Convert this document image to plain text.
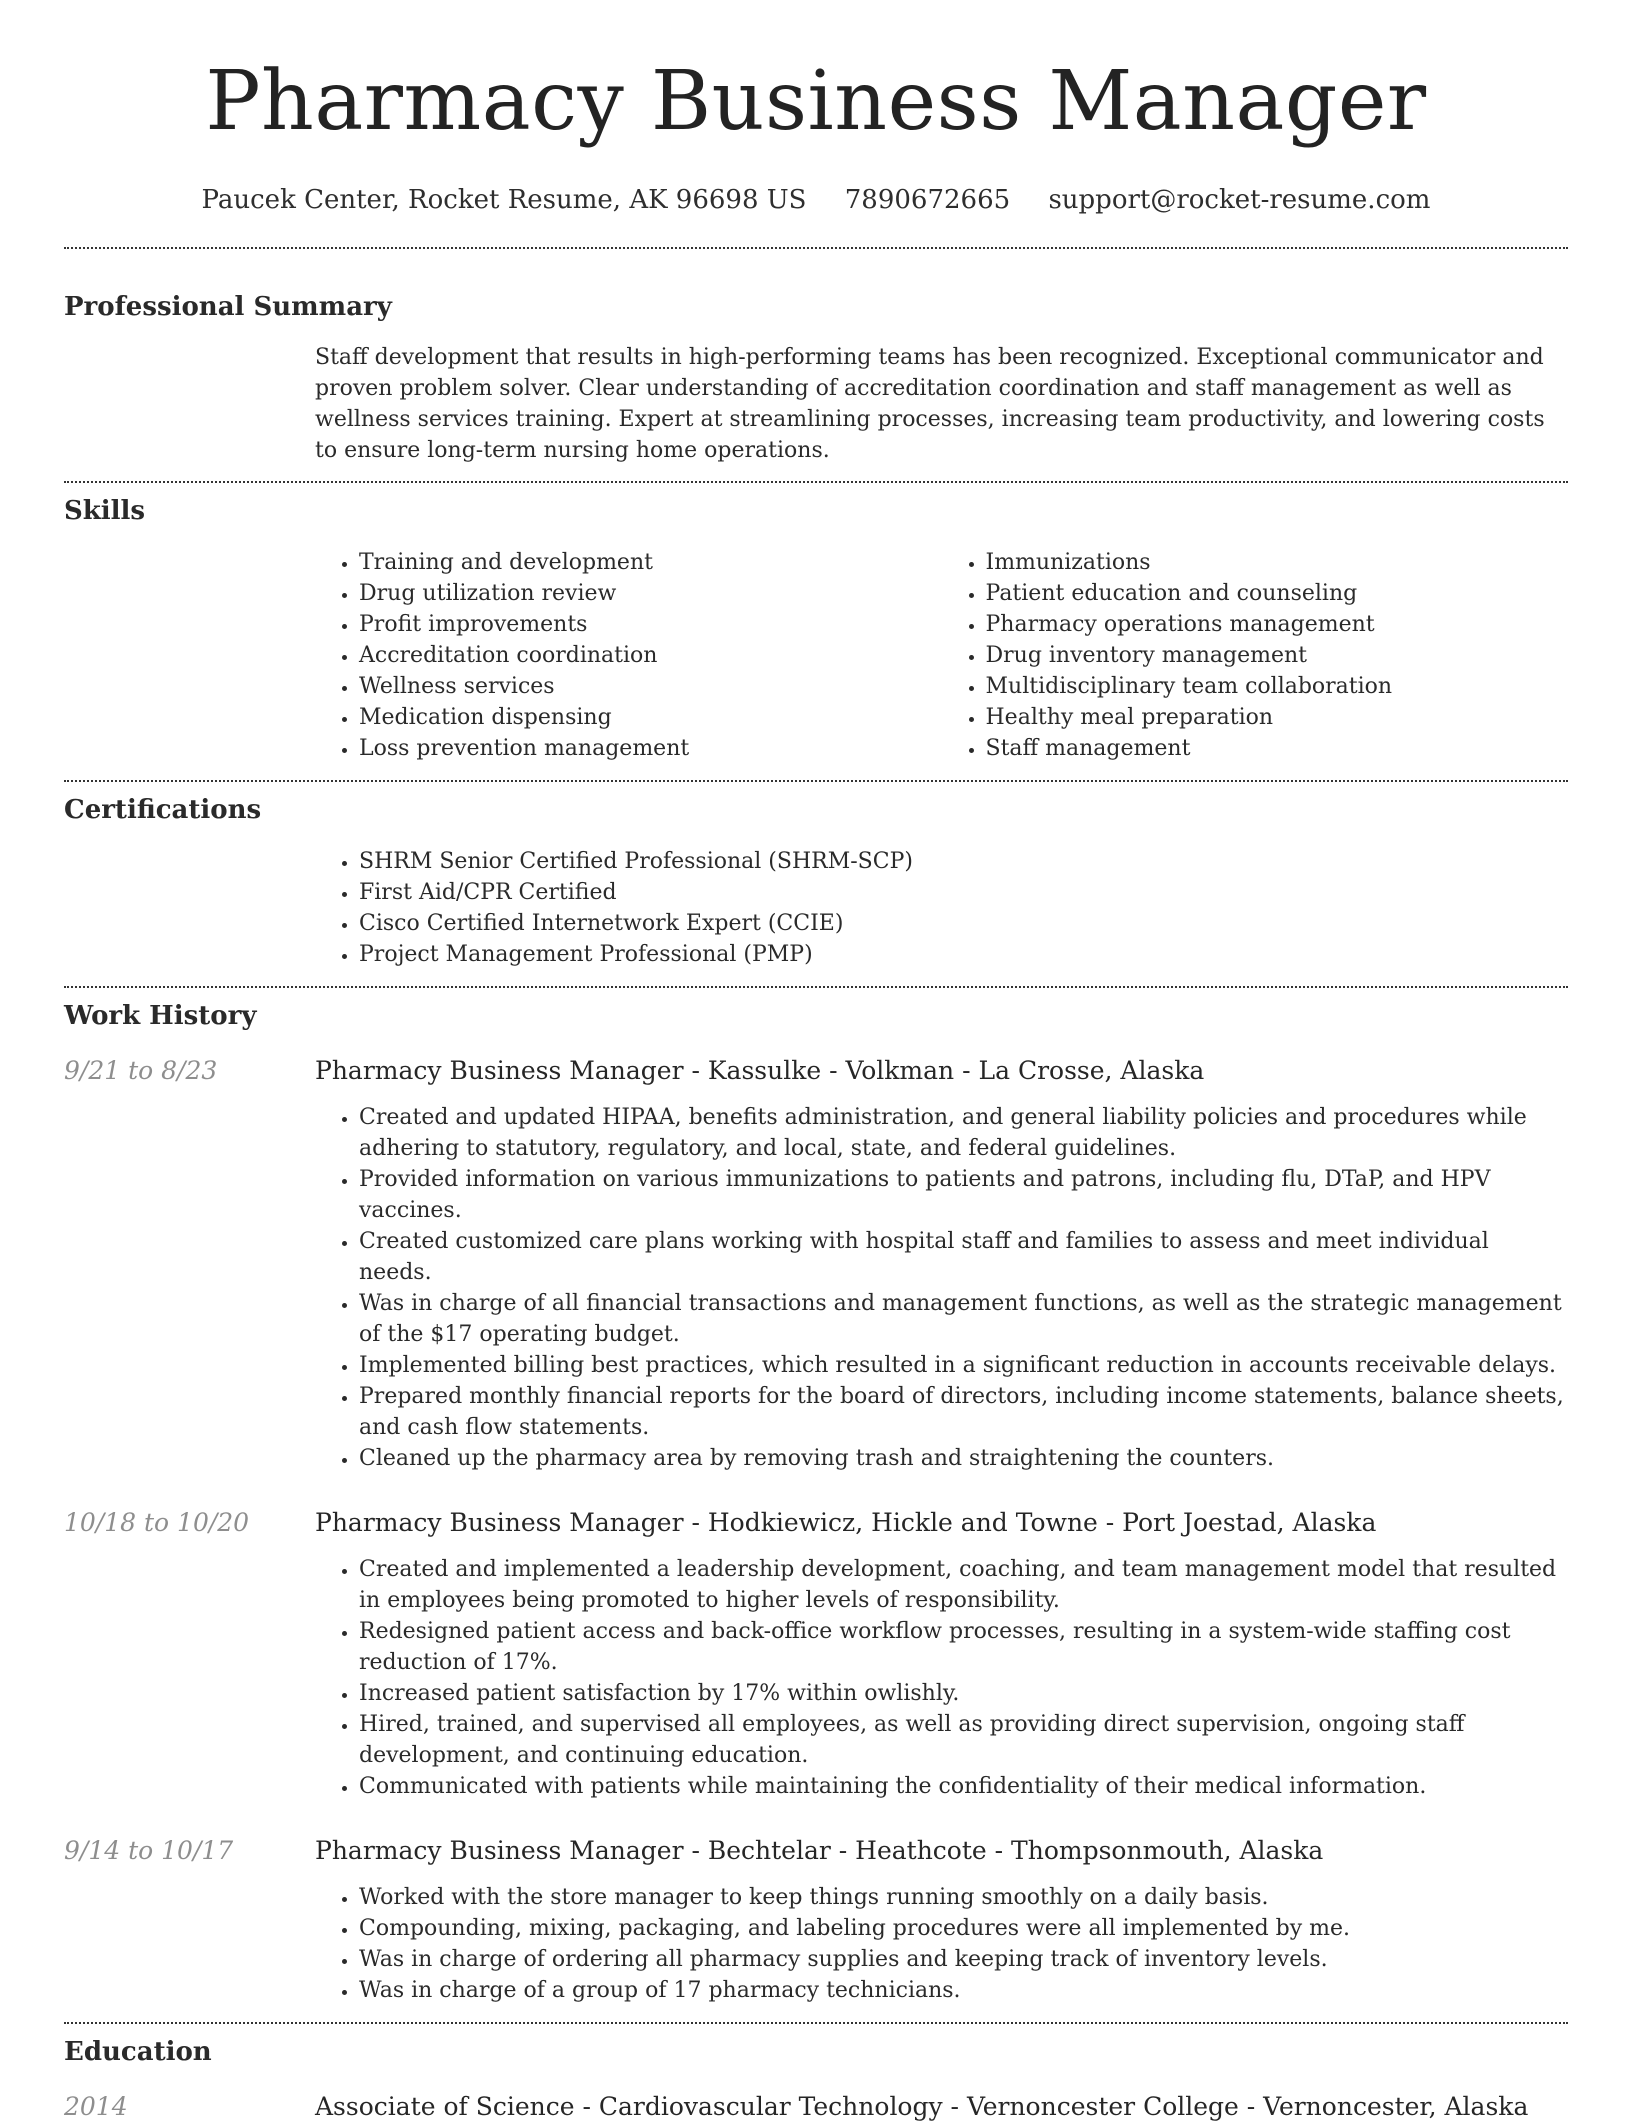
Pharmacy Business Manager
Paucek Center, Rocket Resume, AK 96698 US 7890672665 support@rocket-resume.com
Professional Summary

Staff development that results in high-performing teams has been recognized. Exceptional communicator and proven problem solver. Clear understanding of accreditation coordination and staff management as well as wellness services training. Expert at streamlining processes, increasing team productivity, and lowering costs to ensure long-term nursing home operations.

Skills
• Training and development
• Drug utilization review
• Profit improvements
• Accreditation coordination
• Wellness services
• Medication dispensing
• Loss prevention management
• Immunizations
• Patient education and counseling
• Pharmacy operations management
• Drug inventory management
• Multidisciplinary team collaboration
• Healthy meal preparation
• Staff management
Certifications
• SHRM Senior Certified Professional (SHRM-SCP)
• First Aid/CPR Certified
• Cisco Certified Internetwork Expert (CCIE)
• Project Management Professional (PMP)
Work History
9/21 to 8/23	Pharmacy Business Manager - Kassulke - Volkman - La Crosse, Alaska
• Created and updated HIPAA, benefits administration, and general liability policies and procedures while adhering to statutory, regulatory, and local, state, and federal guidelines.
• Provided information on various immunizations to patients and patrons, including flu, DTaP, and HPV vaccines.
• Created customized care plans working with hospital staff and families to assess and meet individual needs.
• Was in charge of all financial transactions and management functions, as well as the strategic management of the $17 operating budget.
• Implemented billing best practices, which resulted in a significant reduction in accounts receivable delays.
• Prepared monthly financial reports for the board of directors, including income statements, balance sheets, and cash flow statements.
• Cleaned up the pharmacy area by removing trash and straightening the counters.
10/18 to 10/20	Pharmacy Business Manager - Hodkiewicz, Hickle and Towne - Port Joestad, Alaska
• Created and implemented a leadership development, coaching, and team management model that resulted in employees being promoted to higher levels of responsibility.
• Redesigned patient access and back-office workflow processes, resulting in a system-wide staffing cost reduction of 17%.
• Increased patient satisfaction by 17% within owlishly.
• Hired, trained, and supervised all employees, as well as providing direct supervision, ongoing staff development, and continuing education.
• Communicated with patients while maintaining the confidentiality of their medical information.
9/14 to 10/17	Pharmacy Business Manager - Bechtelar - Heathcote - Thompsonmouth, Alaska
• Worked with the store manager to keep things running smoothly on a daily basis.
• Compounding, mixing, packaging, and labeling procedures were all implemented by me.
• Was in charge of ordering all pharmacy supplies and keeping track of inventory levels.
• Was in charge of a group of 17 pharmacy technicians.
Education
2014	Associate of Science - Cardiovascular Technology - Vernoncester College - Vernoncester, Alaska
